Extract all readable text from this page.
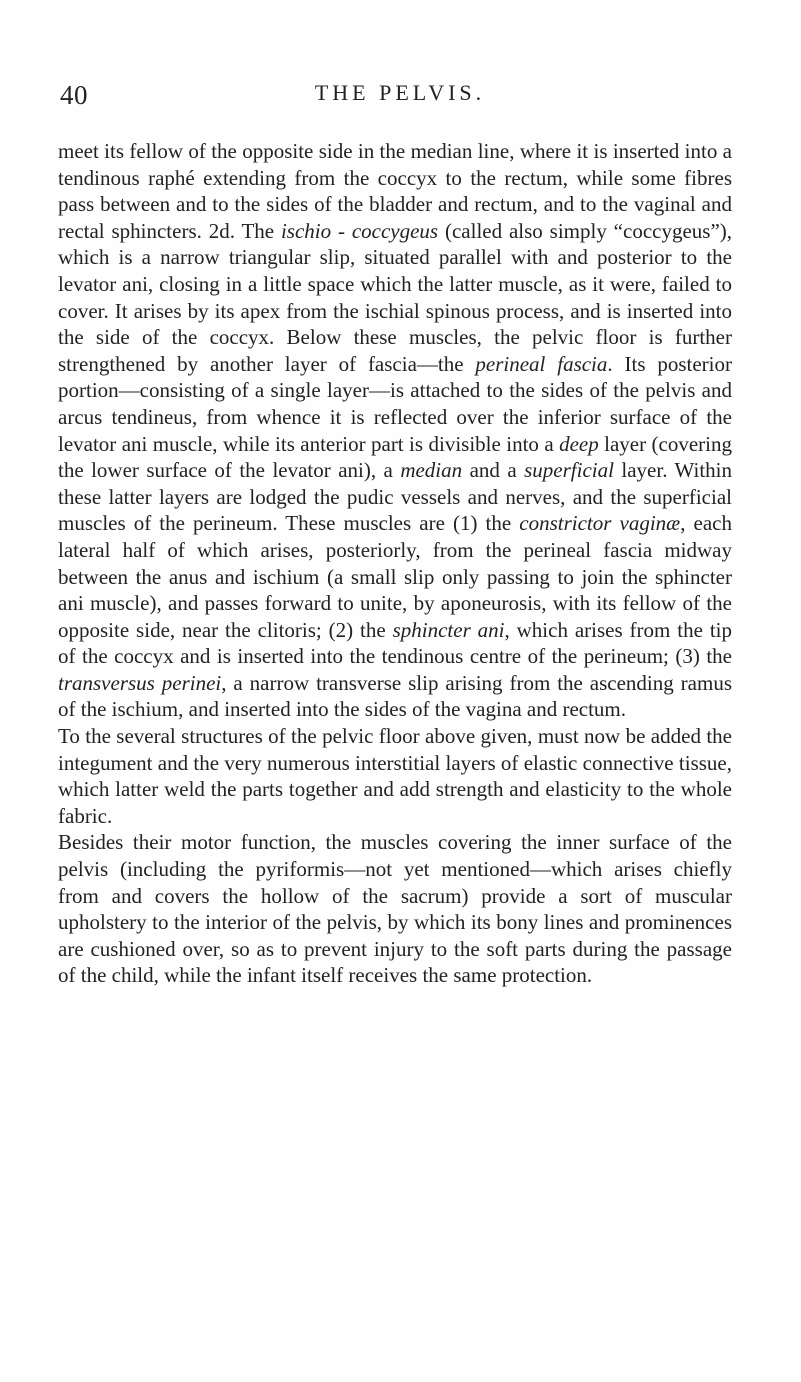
40	THE PELVIS.

meet its fellow of the opposite side in the median line, where it is inserted into a tendinous raphé extending from the coccyx to the rectum, while some fibres pass between and to the sides of the bladder and rectum, and to the vaginal and rectal sphincters. 2d. The ischio - coccygeus (called also simply “coccygeus”), which is a narrow triangular slip, situated parallel with and posterior to the levator ani, closing in a little space which the latter muscle, as it were, failed to cover. It arises by its apex from the ischial spinous process, and is inserted into the side of the coccyx. Below these muscles, the pelvic floor is further strengthened by another layer of fascia—the perineal fascia. Its posterior portion—consisting of a single layer—is attached to the sides of the pelvis and arcus tendineus, from whence it is reflected over the inferior surface of the levator ani muscle, while its anterior part is divisible into a deep layer (covering the lower surface of the levator ani), a median and a superficial layer. Within these latter layers are lodged the pudic vessels and nerves, and the superficial muscles of the perineum. These muscles are (1) the constrictor vaginæ, each lateral half of which arises, posteriorly, from the perineal fascia midway between the anus and ischium (a small slip only passing to join the sphincter ani muscle), and passes forward to unite, by aponeurosis, with its fellow of the opposite side, near the clitoris; (2) the sphincter ani, which arises from the tip of the coccyx and is inserted into the tendinous centre of the perineum; (3) the transversus perinei, a narrow transverse slip arising from the ascending ramus of the ischium, and inserted into the sides of the vagina and rectum.

To the several structures of the pelvic floor above given, must now be added the integument and the very numerous interstitial layers of elastic connective tissue, which latter weld the parts together and add strength and elasticity to the whole fabric.

Besides their motor function, the muscles covering the inner surface of the pelvis (including the pyriformis—not yet mentioned—which arises chiefly from and covers the hollow of the sacrum) provide a sort of muscular upholstery to the interior of the pelvis, by which its bony lines and prominences are cushioned over, so as to prevent injury to the soft parts during the passage of the child, while the infant itself receives the same protection.
